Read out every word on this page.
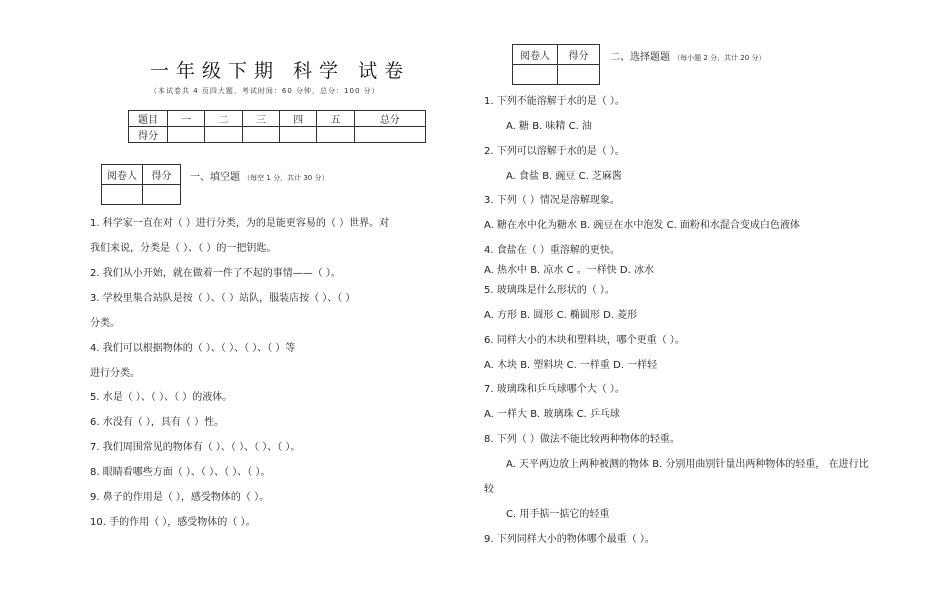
一年级下期 科学 试卷
（本试卷共 4 页四大题，考试时间：60 分钟，总分：100 分）
题目	一	二	三	四	五	总分
得分						
阅卷人	得分
	一、填空题 （每空 1 分，共计 30 分）
1. 科学家一直在对（ ）进行分类，为的是能更容易的（ ）世界。对
我们来说，分类是（ ）、（ ）的一把钥匙。
2. 我们从小开始，就在做着一件了不起的事情——（ ）。
3. 学校里集合站队是按（ ）、（ ）站队，服装店按（ ）、（ ）
分类。
4. 我们可以根据物体的（ ）、（ ）、（ ）、（ ）等
进行分类。
5. 水是（ ）、（ ）、（ ）的液体。
6. 水没有（ ），具有（ ）性。
7. 我们周围常见的物体有（ ）、（ ）、（ ）、（ ）。
8. 眼睛看哪些方面（ ）、（ ）、（ ）、（ ）。
9. 鼻子的作用是（ ），感受物体的（ ）。
10. 手的作用（ ），感受物体的（ ）。
阅卷人	得分
	二、选择题题 （每小题 2 分，共计 20 分）
1. 下列不能溶解于水的是（ ）。
A. 糖 B. 味精 C. 油
2. 下列可以溶解于水的是（ ）。
A. 食盐 B. 豌豆 C. 芝麻酱
3. 下列（ ）情况是溶解现象。
A. 糖在水中化为糖水 B. 豌豆在水中泡发 C. 面粉和水混合变成白色液体
4. 食盐在（ ）重溶解的更快。
A. 热水中 B. 凉水 C 。一样快 D. 冰水
5. 玻璃珠是什么形状的（ ）。
A. 方形 B. 圆形 C. 椭圆形 D. 菱形
6. 同样大小的木块和塑料块，哪个更重（ ）。
A. 木块 B. 塑料块 C. 一样重 D. 一样轻
7. 玻璃珠和乒乓球哪个大（ ）。
A. 一样大 B. 玻璃珠 C. 乒乓球
8. 下列（ ）做法不能比较两种物体的轻重。
A. 天平两边放上两种被测的物体 B. 分别用曲别针量出两种物体的轻重， 在进行比
较
C. 用手掂一掂它的轻重
9. 下列同样大小的物体哪个最重（ ）。
